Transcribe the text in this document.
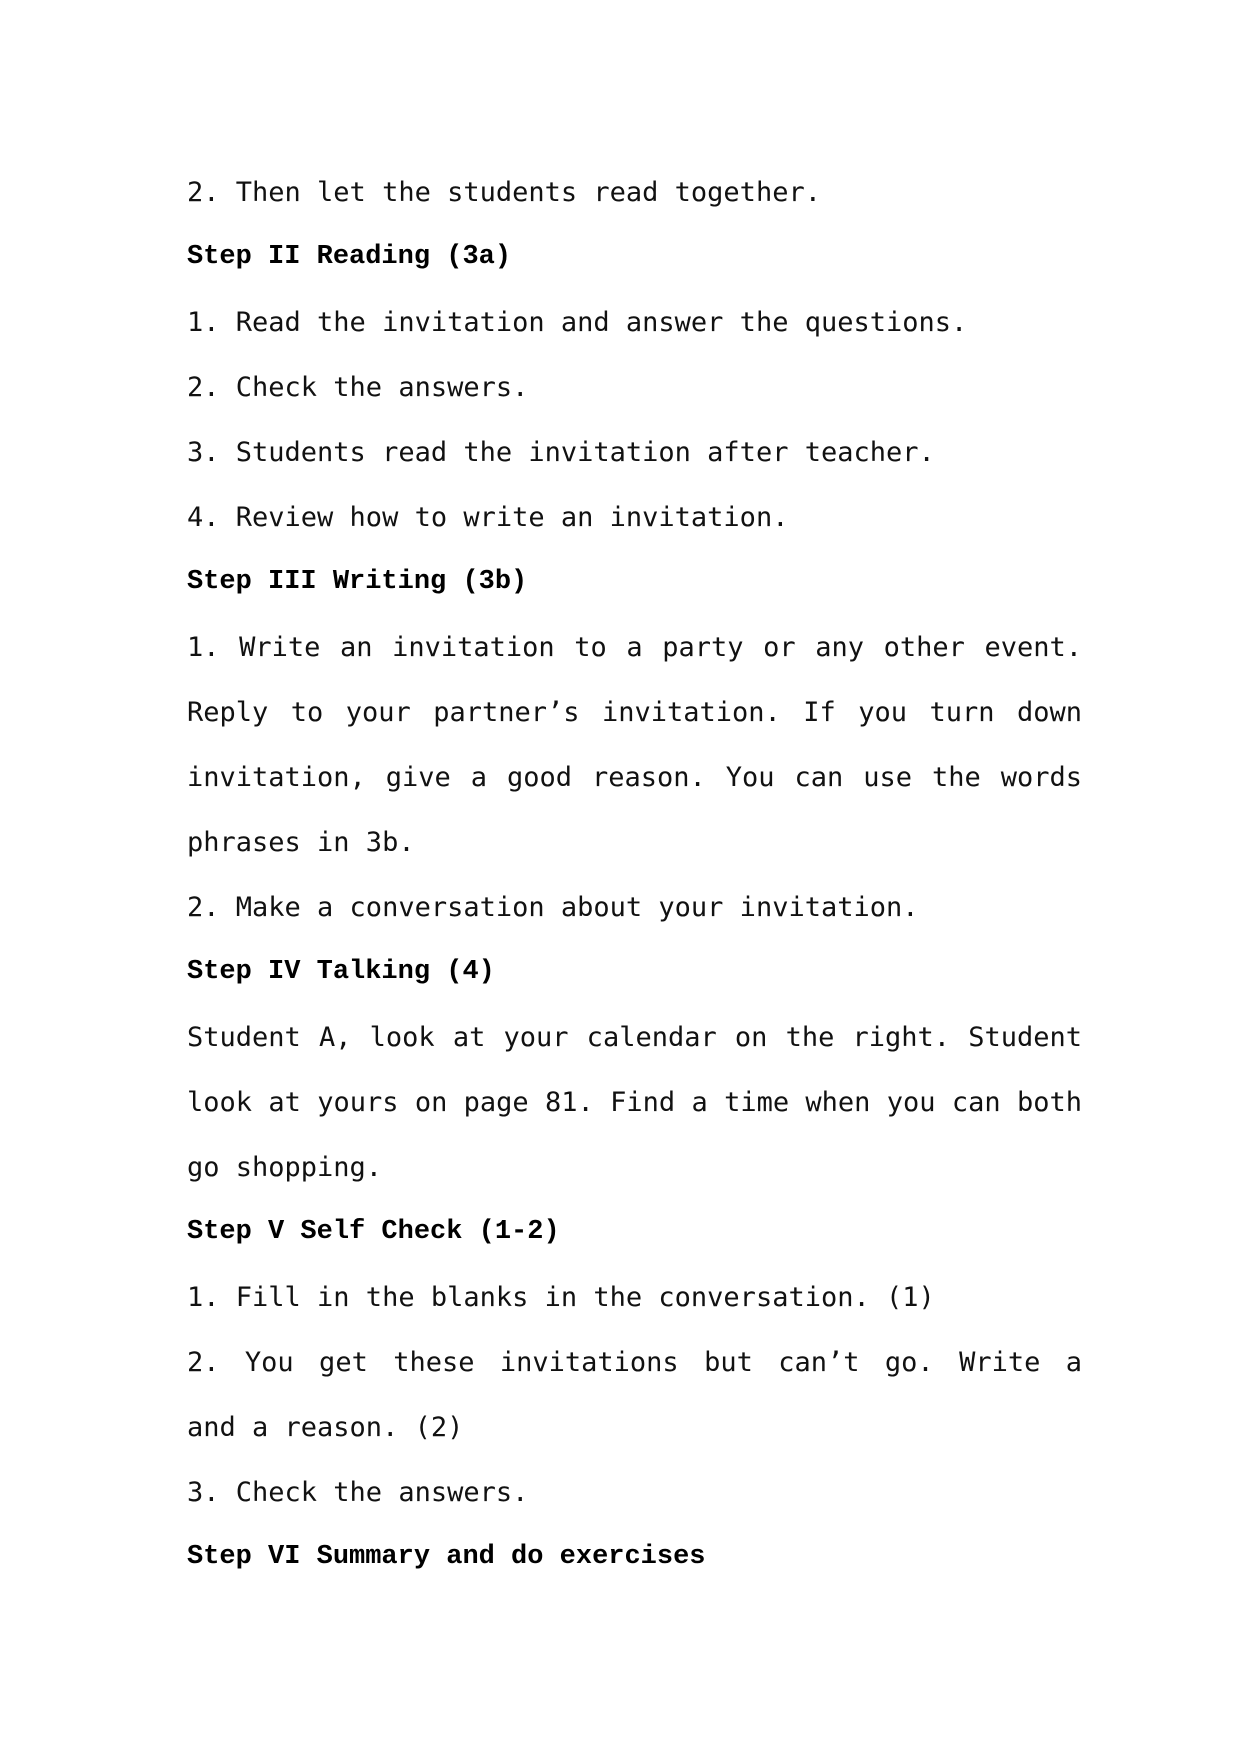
2. Then let the students read together.
Step II Reading (3a)
1. Read the invitation and answer the questions.
2. Check the answers.
3. Students read the invitation after teacher.
4. Review how to write an invitation.
Step III Writing (3b)
1. Write an invitation to a party or any other event.
Reply to your partner’s invitation. If you turn down
invitation, give a good reason. You can use the words
phrases in 3b.
2. Make a conversation about your invitation.
Step IV Talking (4)
Student A, look at your calendar on the right. Student
look at yours on page 81. Find a time when you can both
go shopping.
Step V Self Check (1-2)
1. Fill in the blanks in the conversation. (1)
2. You get these invitations but can’t go. Write a
and a reason. (2)
3. Check the answers.
Step VI Summary and do exercises
